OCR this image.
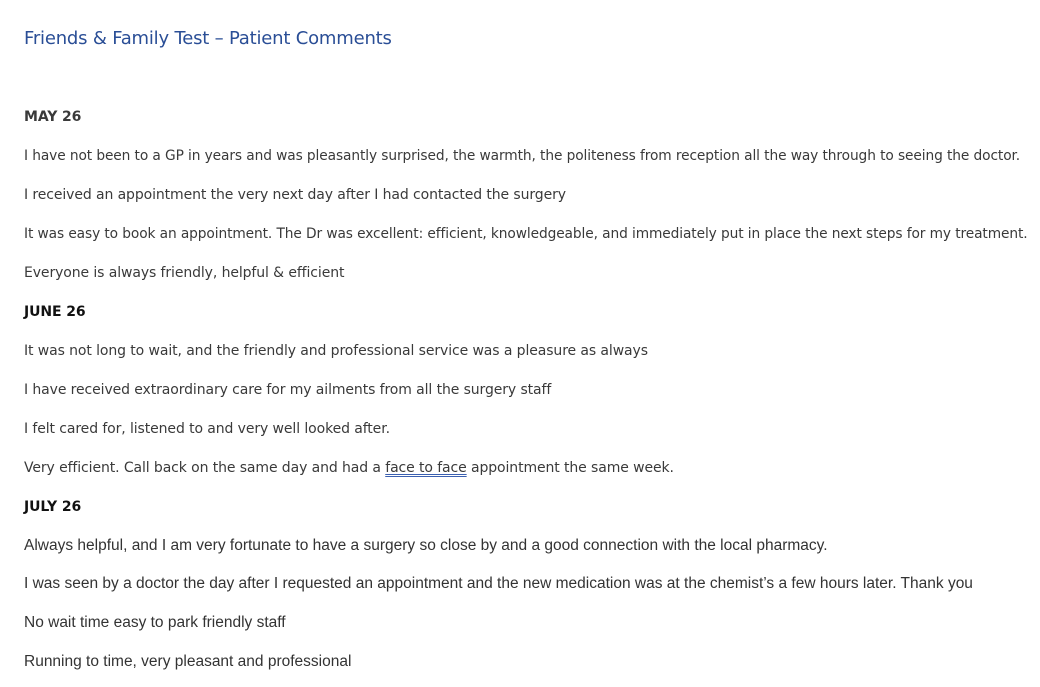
Friends & Family Test – Patient Comments
MAY 26
I have not been to a GP in years and was pleasantly surprised, the warmth, the politeness from reception all the way through to seeing the doctor.
I received an appointment the very next day after I had contacted the surgery
It was easy to book an appointment. The Dr was excellent: efficient, knowledgeable, and immediately put in place the next steps for my treatment.
Everyone is always friendly, helpful & efficient
JUNE 26
It was not long to wait, and the friendly and professional service was a pleasure as always
I have received extraordinary care for my ailments from all the surgery staff
I felt cared for, listened to and very well looked after.
Very efficient. Call back on the same day and had a face to face appointment the same week.
JULY 26
Always helpful, and I am very fortunate to have a surgery so close by and a good connection with the local pharmacy.
I was seen by a doctor the day after I requested an appointment and the new medication was at the chemist’s a few hours later. Thank you
No wait time easy to park friendly staff
Running to time, very pleasant and professional
